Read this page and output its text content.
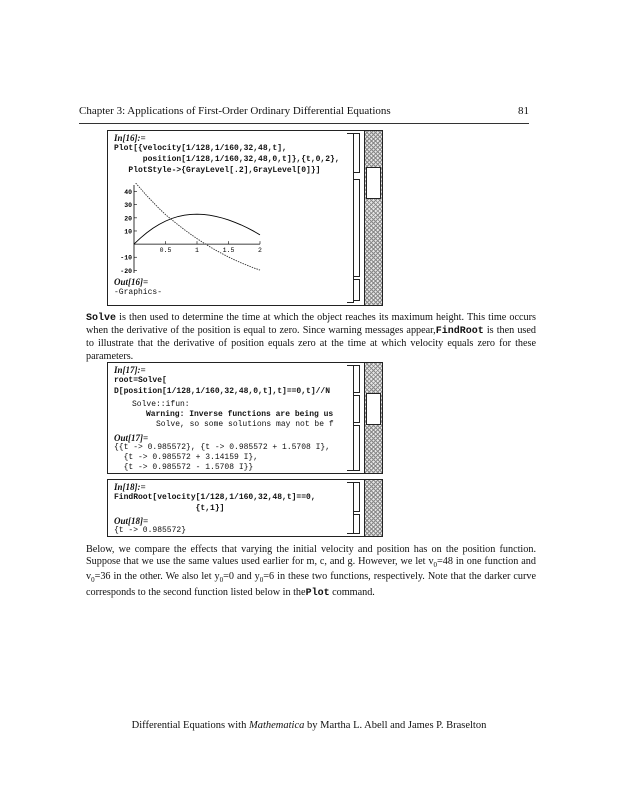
Chapter 3: Applications of First-Order Ordinary Differential Equations	81
In[16]:=
Plot[{velocity[1/128,1/160,32,48,t],
position[1/128,1/160,32,48,0,t]},{t,0,2},
PlotStyle->{GrayLevel[.2],GrayLevel[0]}]
40
30
20
10
-10
-20
0.5	1	1.5	2
Out[16]=
-Graphics-
Solve is then used to determine the time at which the object reaches its maximum height. This time occurs when the derivative of the position is equal to zero. Since warning messages appear,FindRoot is then used to illustrate that the derivative of position equals zero at the time at which velocity equals zero for these parameters.
In[17]:=
root=Solve[
D[position[1/128,1/160,32,48,0,t],t]==0,t]//N
Solve::ifun:
Warning: Inverse functions are being us
Solve, so some solutions may not be f
Out[17]=
{{t -> 0.985572}, {t -> 0.985572 + 1.5708 I},
{t -> 0.985572 + 3.14159 I},
{t -> 0.985572 - 1.5708 I}}
In[18]:=
FindRoot[velocity[1/128,1/160,32,48,t]==0,
{t,1}]
Out[18]=
{t -> 0.985572}
Below, we compare the effects that varying the initial velocity and position has on the position function. Suppose that we use the same values used earlier for m, c, and g. However, we let $v_0=48$ in one function and $v_0=36$ in the other. We also let $y_0=0$ and $y_0=6$ in these two functions, respectively. Note that the darker curve corresponds to the second function listed below in thePlot command.
Differential Equations with Mathematica by Martha L. Abell and James P. Braselton
